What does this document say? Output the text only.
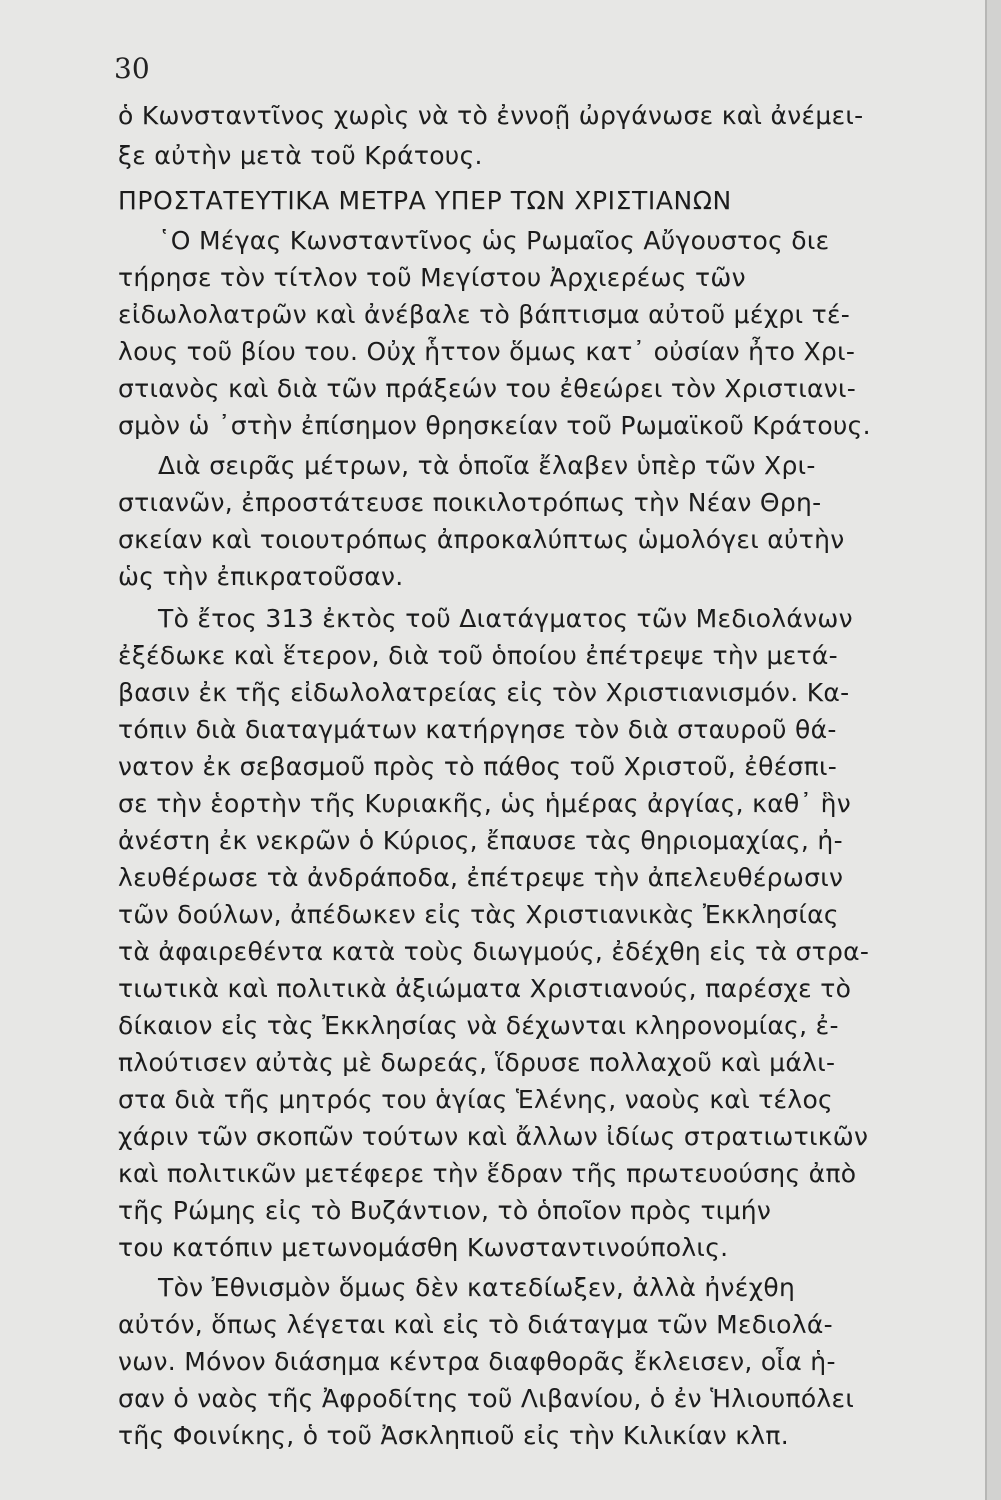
30
ὁ Κωνσταντῖνος χωρὶς νὰ τὸ ἐννοῇ ὠργάνωσε καὶ ἀνέμει-
ξε αὐτὴν μετὰ τοῦ Κράτους.
ΠΡΟΣΤΑΤΕΥΤΙΚΑ ΜΕΤΡΑ ΥΠΕΡ ΤΩΝ ΧΡΙΣΤΙΑΝΩΝ
῾Ο Μέγας Κωνσταντῖνος ὡς Ρωμαῖος Αὔγουστος διε
τήρησε τὸν τίτλον τοῦ Μεγίστου Ἀρχιερέως τῶν
εἰδωλολατρῶν καὶ ἀνέβαλε τὸ βάπτισμα αὐτοῦ μέχρι τέ-
λους τοῦ βίου του. Οὐχ ἧττον ὅμως κατ᾽ οὐσίαν ἦτο Χρι-
στιανὸς καὶ διὰ τῶν πράξεών του ἐθεώρει τὸν Χριστιανι-
σμὸν ὡ ᾿στὴν ἐπίσημον θρησκείαν τοῦ Ρωμαϊκοῦ Κράτους.
Διὰ σειρᾶς μέτρων, τὰ ὁποῖα ἔλαβεν ὑπὲρ τῶν Χρι-
στιανῶν, ἐπροστάτευσε ποικιλοτρόπως τὴν Νέαν Θρη-
σκείαν καὶ τοιουτρόπως ἀπροκαλύπτως ὡμολόγει αὐτὴν
ὡς τὴν ἐπικρατοῦσαν.
Τὸ ἔτος 313 ἐκτὸς τοῦ Διατάγματος τῶν Μεδιολάνων
ἐξέδωκε καὶ ἕτερον, διὰ τοῦ ὁποίου ἐπέτρεψε τὴν μετά-
βασιν ἐκ τῆς εἰδωλολατρείας εἰς τὸν Χριστιανισμόν. Κα-
τόπιν διὰ διαταγμάτων κατήργησε τὸν διὰ σταυροῦ θά-
νατον ἐκ σεβασμοῦ πρὸς τὸ πάθος τοῦ Χριστοῦ, ἐθέσπι-
σε τὴν ἑορτὴν τῆς Κυριακῆς, ὡς ἡμέρας ἀργίας, καθ᾽ ἣν
ἀνέστη ἐκ νεκρῶν ὁ Κύριος, ἔπαυσε τὰς θηριομαχίας, ἠ-
λευθέρωσε τὰ ἀνδράποδα, ἐπέτρεψε τὴν ἀπελευθέρωσιν
τῶν δούλων, ἀπέδωκεν εἰς τὰς Χριστιανικὰς Ἐκκλησίας
τὰ ἀφαιρεθέντα κατὰ τοὺς διωγμούς, ἐδέχθη εἰς τὰ στρα-
τιωτικὰ καὶ πολιτικὰ ἀξιώματα Χριστιανούς, παρέσχε τὸ
δίκαιον εἰς τὰς Ἐκκλησίας νὰ δέχωνται κληρονομίας, ἐ-
πλούτισεν αὐτὰς μὲ δωρεάς, ἵδρυσε πολλαχοῦ καὶ μάλι-
στα διὰ τῆς μητρός του ἁγίας Ἑλένης, ναοὺς καὶ τέλος
χάριν τῶν σκοπῶν τούτων καὶ ἄλλων ἰδίως στρατιωτικῶν
καὶ πολιτικῶν μετέφερε τὴν ἕδραν τῆς πρωτευούσης ἀπὸ
τῆς Ρώμης εἰς τὸ Βυζάντιον, τὸ ὁποῖον πρὸς τιμήν
του κατόπιν μετωνομάσθη Κωνσταντινούπολις.
Τὸν Ἐθνισμὸν ὅμως δὲν κατεδίωξεν, ἀλλὰ ἠνέχθη
αὐτόν, ὅπως λέγεται καὶ εἰς τὸ διάταγμα τῶν Μεδιολά-
νων. Μόνον διάσημα κέντρα διαφθορᾶς ἔκλεισεν, οἷα ἡ-
σαν ὁ ναὸς τῆς Ἀφροδίτης τοῦ Λιβανίου, ὁ ἐν Ἡλιουπόλει
τῆς Φοινίκης, ὁ τοῦ Ἀσκληπιοῦ εἰς τὴν Κιλικίαν κλπ.
